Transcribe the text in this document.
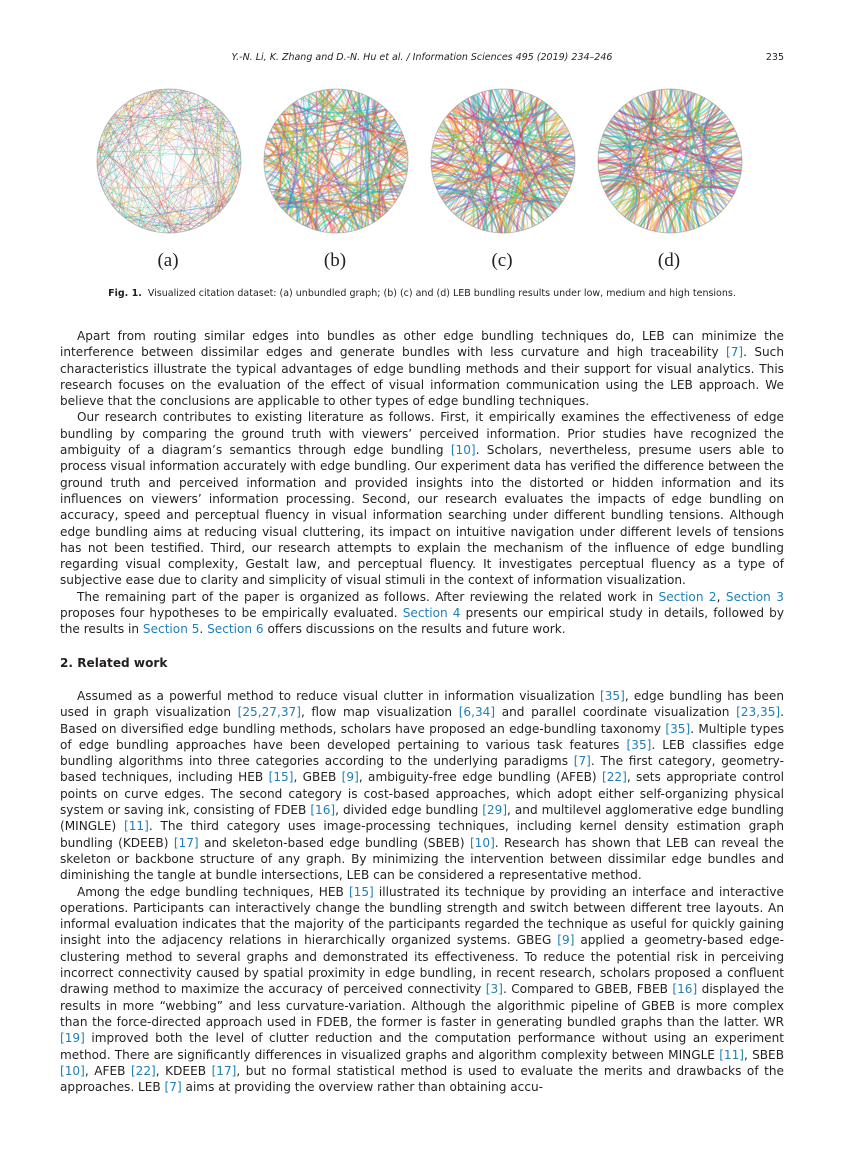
Y.-N. Li, K. Zhang and D.-N. Hu et al. / Information Sciences 495 (2019) 234–246	235
(a)	(b)	(c)	(d)
Fig. 1. Visualized citation dataset: (a) unbundled graph; (b) (c) and (d) LEB bundling results under low, medium and high tensions.

Apart from routing similar edges into bundles as other edge bundling techniques do, LEB can minimize the interference between dissimilar edges and generate bundles with less curvature and high traceability [7]. Such characteristics illustrate the typical advantages of edge bundling methods and their support for visual analytics. This research focuses on the evaluation of the effect of visual information communication using the LEB approach. We believe that the conclusions are applicable to other types of edge bundling techniques.

Our research contributes to existing literature as follows. First, it empirically examines the effectiveness of edge bundling by comparing the ground truth with viewers’ perceived information. Prior studies have recognized the ambiguity of a diagram’s semantics through edge bundling [10]. Scholars, nevertheless, presume users able to process visual information accurately with edge bundling. Our experiment data has verified the difference between the ground truth and perceived information and provided insights into the distorted or hidden information and its influences on viewers’ information processing. Second, our research evaluates the impacts of edge bundling on accuracy, speed and perceptual fluency in visual information searching under different bundling tensions. Although edge bundling aims at reducing visual cluttering, its impact on intuitive navigation under different levels of tensions has not been testified. Third, our research attempts to explain the mechanism of the influence of edge bundling regarding visual complexity, Gestalt law, and perceptual fluency. It investigates perceptual fluency as a type of subjective ease due to clarity and simplicity of visual stimuli in the context of information visualization.

The remaining part of the paper is organized as follows. After reviewing the related work in Section 2, Section 3 proposes four hypotheses to be empirically evaluated. Section 4 presents our empirical study in details, followed by the results in Section 5. Section 6 offers discussions on the results and future work.

2. Related work

Assumed as a powerful method to reduce visual clutter in information visualization [35], edge bundling has been used in graph visualization [25,27,37], flow map visualization [6,34] and parallel coordinate visualization [23,35]. Based on diversified edge bundling methods, scholars have proposed an edge-bundling taxonomy [35]. Multiple types of edge bundling approaches have been developed pertaining to various task features [35]. LEB classifies edge bundling algorithms into three categories according to the underlying paradigms [7]. The first category, geometry-based techniques, including HEB [15], GBEB [9], ambiguity-free edge bundling (AFEB) [22], sets appropriate control points on curve edges. The second category is cost-based approaches, which adopt either self-organizing physical system or saving ink, consisting of FDEB [16], divided edge bundling [29], and multilevel agglomerative edge bundling (MINGLE) [11]. The third category uses image-processing techniques, including kernel density estimation graph bundling (KDEEB) [17] and skeleton-based edge bundling (SBEB) [10]. Research has shown that LEB can reveal the skeleton or backbone structure of any graph. By minimizing the intervention between dissimilar edge bundles and diminishing the tangle at bundle intersections, LEB can be considered a representative method.

Among the edge bundling techniques, HEB [15] illustrated its technique by providing an interface and interactive operations. Participants can interactively change the bundling strength and switch between different tree layouts. An informal evaluation indicates that the majority of the participants regarded the technique as useful for quickly gaining insight into the adjacency relations in hierarchically organized systems. GBEG [9] applied a geometry-based edge-clustering method to several graphs and demonstrated its effectiveness. To reduce the potential risk in perceiving incorrect connectivity caused by spatial proximity in edge bundling, in recent research, scholars proposed a confluent drawing method to maximize the accuracy of perceived connectivity [3]. Compared to GBEB, FBEB [16] displayed the results in more “webbing” and less curvature-variation. Although the algorithmic pipeline of GBEB is more complex than the force-directed approach used in FDEB, the former is faster in generating bundled graphs than the latter. WR [19] improved both the level of clutter reduction and the computation performance without using an experiment method. There are significantly differences in visualized graphs and algorithm complexity between MINGLE [11], SBEB [10], AFEB [22], KDEEB [17], but no formal statistical method is used to evaluate the merits and drawbacks of the approaches. LEB [7] aims at providing the overview rather than obtaining accu-
